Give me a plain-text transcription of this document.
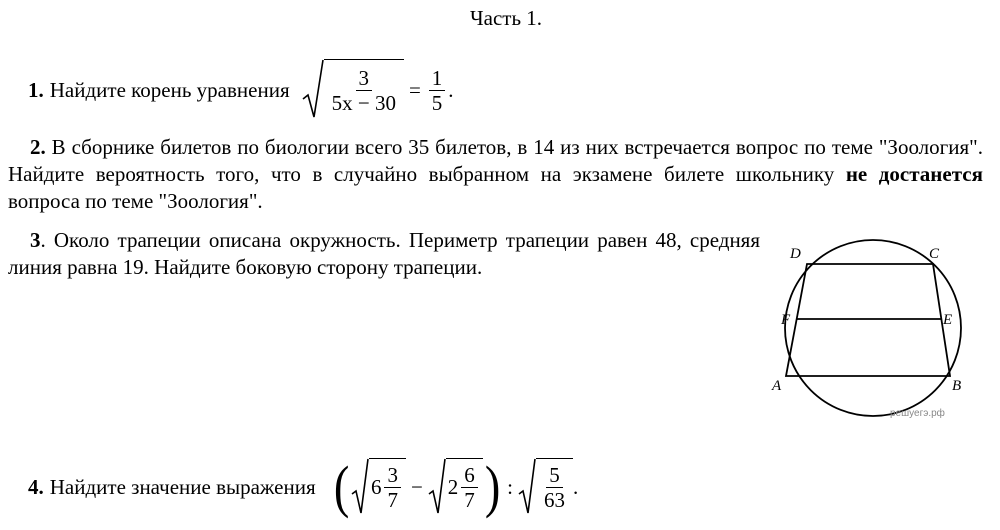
Часть 1.
1. Найдите корень уравнения $\frac{3}{5x - 30} = \frac{1}{5}$ .
2. В сборнике билетов по биологии всего 35 билетов, в 14 из них встречается вопрос по теме "Зоология". Найдите вероятность того, что в случайно выбранном на экзамене билете школьнику не достанется вопроса по теме "Зоология".
3. Около трапеции описана окружность. Периметр трапеции равен 48, средняя линия равна 19. Найдите боковую сторону трапеции.
D	C
F	E
A	B
решуегэ.рф
4. Найдите значение выражения ( $6 \frac{3}{7} - 2 \frac{6}{7}$ ) : $\frac{5}{63}$ .
